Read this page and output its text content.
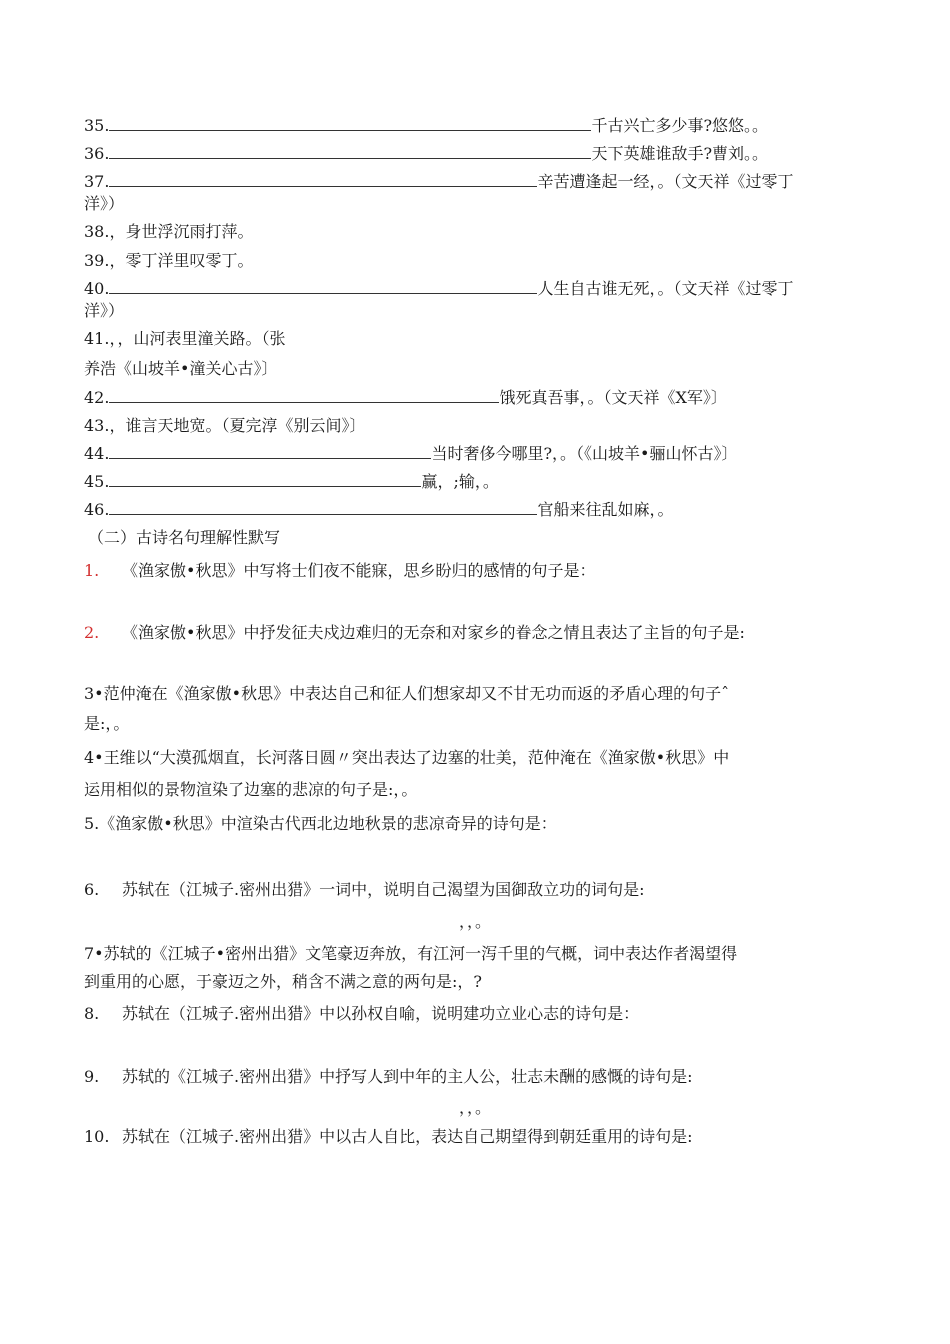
35.	千古兴亡多少事?悠悠。。
36.	天下英雄谁敌手?曹刘。。
37.	辛苦遭逢起一经，。（文天祥《过零丁
洋》）
38.，身世浮沉雨打萍。
39.，零丁洋里叹零丁。
40.	人生自古谁无死，。（文天祥《过零丁
洋》）
41.，，山河表里潼关路。（张
养浩《山坡羊•潼关心古》〕
42.	饿死真吾事，。（文天祥《X军》〕
43.，谁言天地宽。（夏完淳《别云间》〕
44.	当时奢侈今哪里?，。（《山坡羊•骊山怀古》〕
45.	赢，;输，。
46.	官船来往乱如麻，。
（二）古诗名句理解性默写
1. 《渔家傲•秋思》中写将士们夜不能寐，思乡盼归的感情的句子是：
2. 《渔家傲•秋思》中抒发征夫戍边难归的无奈和对家乡的眷念之情且表达了主旨的句子是:
3•范仲淹在《渔家傲•秋思》中表达自己和征人们想家却又不甘无功而返的矛盾心理的句子ˆ
是:，。
4•王维以“大漠孤烟直，长河落日圆〃突出表达了边塞的壮美，范仲淹在《渔家傲•秋思》中
运用相似的景物渲染了边塞的悲凉的句子是:，。
5.《渔家傲•秋思》中渲染古代西北边地秋景的悲凉奇异的诗句是：
6. 苏轼在（江城子.密州出猎》一词中，说明自己渴望为国御敌立功的词句是:
，，。
7•苏轼的《江城子•密州出猎》文笔豪迈奔放，有江河一泻千里的气概，词中表达作者渴望得
到重用的心愿，于豪迈之外，稍含不满之意的两句是:，?
8. 苏轼在（江城子.密州出猎》中以孙权自喻，说明建功立业心志的诗句是：
9. 苏轼的《江城子.密州出猎》中抒写人到中年的主人公，壮志未酬的感慨的诗句是:
，，。
10. 苏轼在（江城子.密州出猎》中以古人自比，表达自己期望得到朝廷重用的诗句是:
